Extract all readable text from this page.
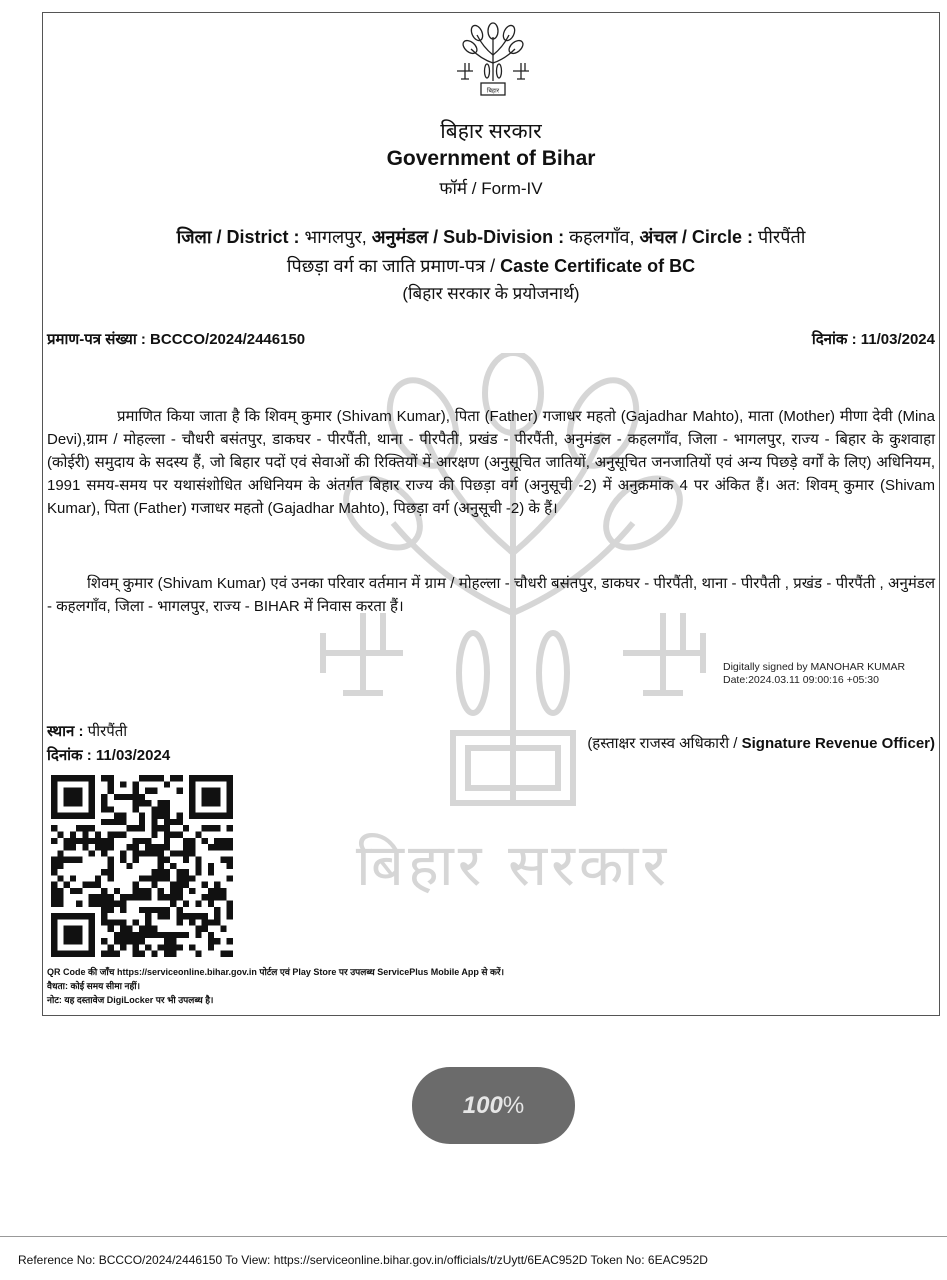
बिहार सरकार
बिहार
बिहार सरकार
Government of Bihar
फॉर्म / Form-IV
जिला / District : भागलपुर, अनुमंडल / Sub-Division : कहलगाँव, अंचल / Circle : पीरपैंती
पिछड़ा वर्ग का जाति प्रमाण-पत्र / Caste Certificate of BC
(बिहार सरकार के प्रयोजनार्थ)
प्रमाण-पत्र संख्या : BCCCO/2024/2446150	दिनांक : 11/03/2024
प्रमाणित किया जाता है कि शिवम् कुमार (Shivam Kumar), पिता (Father) गजाधर महतो (Gajadhar Mahto), माता (Mother) मीणा देवी (Mina Devi),ग्राम / मोहल्ला - चौधरी बसंतपुर, डाकघर - पीरपैंती, थाना - पीरपैती, प्रखंड - पीरपैंती, अनुमंडल - कहलगाँव, जिला - भागलपुर, राज्य - बिहार के कुशवाहा (कोईरी) समुदाय के सदस्य हैं, जो बिहार पदों एवं सेवाओं की रिक्तियों में आरक्षण (अनुसूचित जातियों, अनुसूचित जनजातियों एवं अन्य पिछड़े वर्गों के लिए) अधिनियम, 1991 समय-समय पर यथासंशोधित अधिनियम के अंतर्गत बिहार राज्य की पिछड़ा वर्ग (अनुसूची -2) में अनुक्रमांक 4 पर अंकित हैं। अत: शिवम् कुमार (Shivam Kumar), पिता (Father) गजाधर महतो (Gajadhar Mahto), पिछड़ा वर्ग (अनुसूची -2) के हैं।
शिवम् कुमार (Shivam Kumar) एवं उनका परिवार वर्तमान में ग्राम / मोहल्ला - चौधरी बसंतपुर, डाकघर - पीरपैंती, थाना - पीरपैती , प्रखंड - पीरपैंती , अनुमंडल - कहलगाँव, जिला - भागलपुर, राज्य - BIHAR में निवास करता हैं।
Digitally signed by MANOHAR KUMAR
Date:2024.03.11 09:00:16 +05:30
स्थान : पीरपैंती
दिनांक : 11/03/2024
(हस्ताक्षर राजस्व अधिकारी / Signature Revenue Officer)
QR Code की जाँच https://serviceonline.bihar.gov.in पोर्टल एवं Play Store पर उपलब्ध ServicePlus Mobile App से करें।
वैधता: कोई समय सीमा नहीं।
नोट: यह दस्तावेज DigiLocker पर भी उपलब्ध है।
100%
Reference No: BCCCO/2024/2446150 To View: https://serviceonline.bihar.gov.in/officials/t/zUytt/6EAC952D Token No: 6EAC952D
